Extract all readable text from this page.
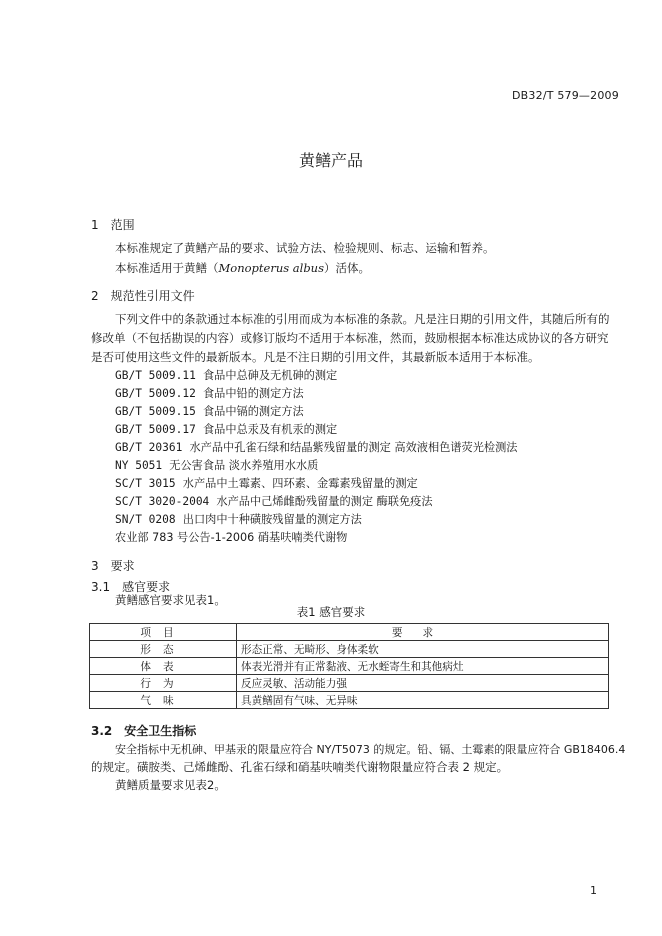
DB32/T 579—2009
黄鳝产品
1 范围
本标准规定了黄鳝产品的要求、试验方法、检验规则、标志、运输和暂养。
本标准适用于黄鳝（Monopterus albus）活体。
2 规范性引用文件
下列文件中的条款通过本标准的引用而成为本标准的条款。凡是注日期的引用文件，其随后所有的
修改单（不包括勘误的内容）或修订版均不适用于本标准，然而，鼓励根据本标准达成协议的各方研究
是否可使用这些文件的最新版本。凡是不注日期的引用文件，其最新版本适用于本标准。
GB/T 5009.11 食品中总砷及无机砷的测定
GB/T 5009.12 食品中铅的测定方法
GB/T 5009.15 食品中镉的测定方法
GB/T 5009.17 食品中总汞及有机汞的测定
GB/T 20361 水产品中孔雀石绿和结晶紫残留量的测定 高效液相色谱荧光检测法
NY 5051 无公害食品 淡水养殖用水水质
SC/T 3015 水产品中土霉素、四环素、金霉素残留量的测定
SC/T 3020-2004 水产品中己烯雌酚残留量的测定 酶联免疫法
SN/T 0208 出口肉中十种磺胺残留量的测定方法
农业部 783 号公告-1-2006 硝基呋喃类代谢物
3 要求
3.1 感官要求
黄鳝感官要求见表1。
表1 感官要求
项目	要求
形态	形态正常、无畸形、身体柔软
体表	体表光滑并有正常黏液、无水蛭寄生和其他病灶
行为	反应灵敏、活动能力强
气味	具黄鳝固有气味、无异味
3.2 安全卫生指标
安全指标中无机砷、甲基汞的限量应符合 NY/T5073 的规定。铅、镉、土霉素的限量应符合 GB18406.4
的规定。磺胺类、己烯雌酚、孔雀石绿和硝基呋喃类代谢物限量应符合表 2 规定。
黄鳝质量要求见表2。
1
